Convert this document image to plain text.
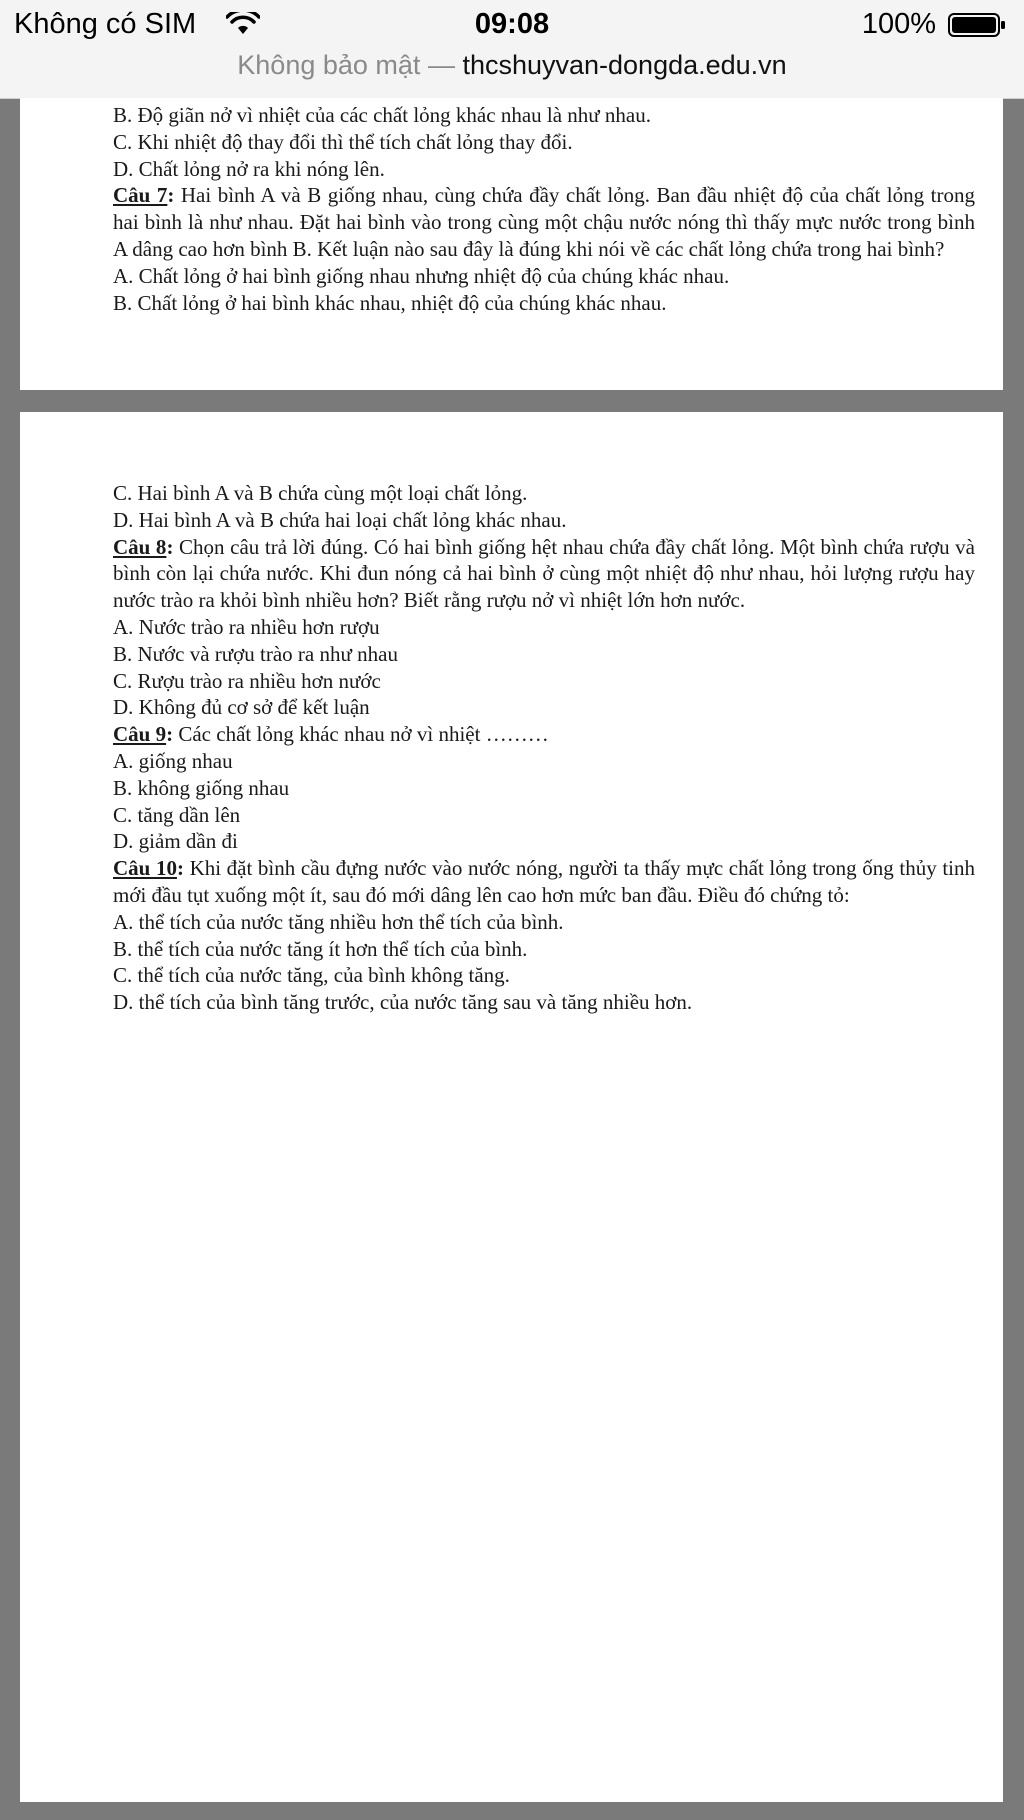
Không có SIM	09:08	100%
Không bảo mật — thcshuyvan-dongda.edu.vn
B. Độ giãn nở vì nhiệt của các chất lỏng khác nhau là như nhau.
C. Khi nhiệt độ thay đổi thì thể tích chất lỏng thay đổi.
D. Chất lỏng nở ra khi nóng lên.
Câu 7: Hai bình A và B giống nhau, cùng chứa đầy chất lỏng. Ban đầu nhiệt độ của chất lỏng trong hai bình là như nhau. Đặt hai bình vào trong cùng một chậu nước nóng thì thấy mực nước trong bình A dâng cao hơn bình B. Kết luận nào sau đây là đúng khi nói về các chất lỏng chứa trong hai bình?
A. Chất lỏng ở hai bình giống nhau nhưng nhiệt độ của chúng khác nhau.
B. Chất lỏng ở hai bình khác nhau, nhiệt độ của chúng khác nhau.
C. Hai bình A và B chứa cùng một loại chất lỏng.
D. Hai bình A và B chứa hai loại chất lỏng khác nhau.
Câu 8: Chọn câu trả lời đúng. Có hai bình giống hệt nhau chứa đầy chất lỏng. Một bình chứa rượu và bình còn lại chứa nước. Khi đun nóng cả hai bình ở cùng một nhiệt độ như nhau, hỏi lượng rượu hay nước trào ra khỏi bình nhiều hơn? Biết rằng rượu nở vì nhiệt lớn hơn nước.
A. Nước trào ra nhiều hơn rượu
B. Nước và rượu trào ra như nhau
C. Rượu trào ra nhiều hơn nước
D. Không đủ cơ sở để kết luận
Câu 9: Các chất lỏng khác nhau nở vì nhiệt ………
A. giống nhau
B. không giống nhau
C. tăng dần lên
D. giảm dần đi
Câu 10: Khi đặt bình cầu đựng nước vào nước nóng, người ta thấy mực chất lỏng trong ống thủy tinh mới đầu tụt xuống một ít, sau đó mới dâng lên cao hơn mức ban đầu. Điều đó chứng tỏ:
A. thể tích của nước tăng nhiều hơn thể tích của bình.
B. thể tích của nước tăng ít hơn thể tích của bình.
C. thể tích của nước tăng, của bình không tăng.
D. thể tích của bình tăng trước, của nước tăng sau và tăng nhiều hơn.
